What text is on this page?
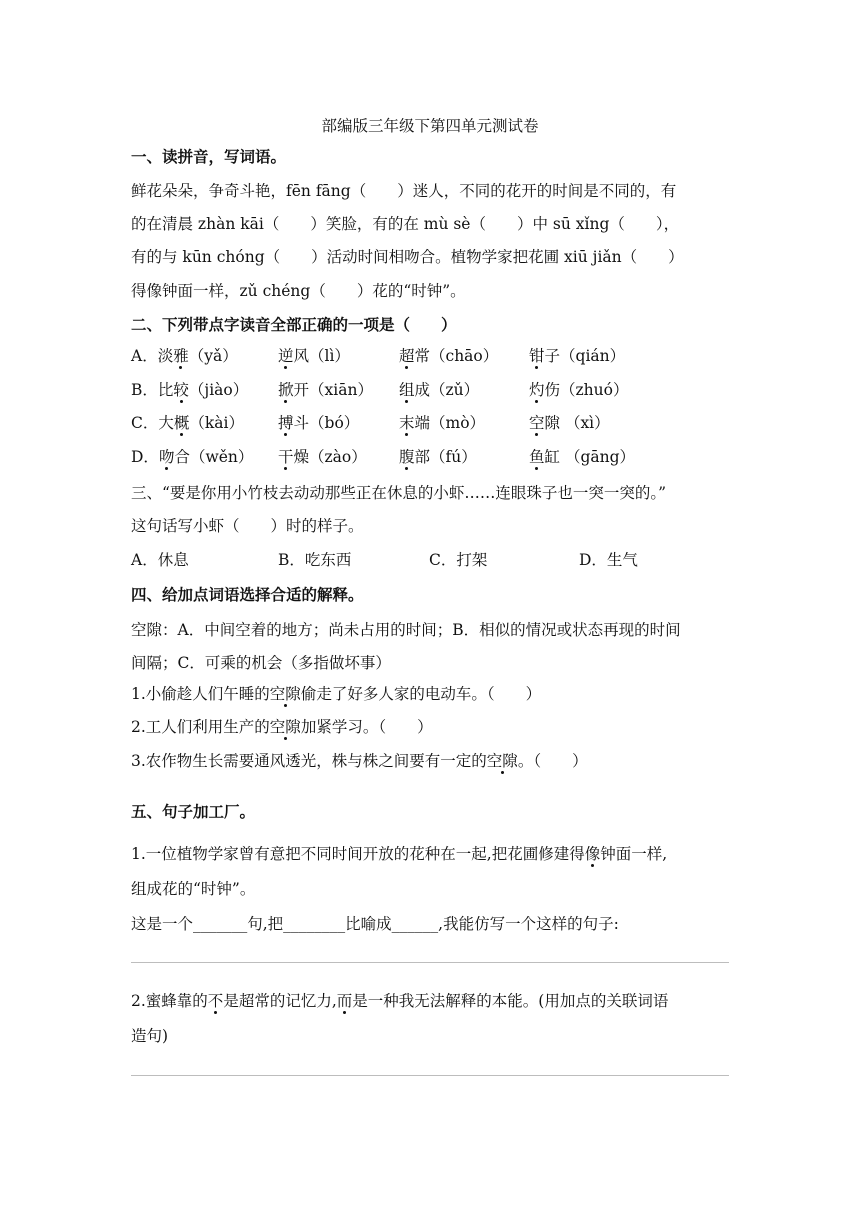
部编版三年级下第四单元测试卷
一、读拼音，写词语。
鲜花朵朵，争奇斗艳，fēn fāng（　　）迷人，不同的花开的时间是不同的，有
的在清晨 zhàn kāi（　　）笑脸，有的在 mù sè（　　）中 sū xǐng（　　），
有的与 kūn chóng（　　）活动时间相吻合。植物学家把花圃 xiū jiǎn（　　）
得像钟面一样，zǔ chéng（　　）花的“时钟”。
二、下列带点字读音全部正确的一项是（　　）
A．淡雅（yǎ）	逆风（lì）	超常（chāo） 钳子（qián）
B．比较（jiào） 掀开（xiān） 组成（zǔ）	灼伤（zhuó）
C．大概（kài） 搏斗（bó）	末端（mò）	空隙 （xì）
D．吻合（wěn） 干燥（zào） 腹部（fú）	鱼缸 （gāng）
三、“要是你用小竹枝去动动那些正在休息的小虾……连眼珠子也一突一突的。”
这句话写小虾（　　）时的样子。
A．休息	B．吃东西	C．打架	D．生气
四、给加点词语选择合适的解释。
空隙：A．中间空着的地方；尚未占用的时间；B．相似的情况或状态再现的时间
间隔；C．可乘的机会（多指做坏事）
1.小偷趁人们午睡的空隙偷走了好多人家的电动车。（　　）
2.工人们利用生产的空隙加紧学习。（　　）
3.农作物生长需要通风透光，株与株之间要有一定的空隙。（　　）
五、句子加工厂。
1.一位植物学家曾有意把不同时间开放的花种在一起,把花圃修建得像钟面一样,
组成花的“时钟”。
这是一个_______句,把________比喻成______,我能仿写一个这样的句子:
2.蜜蜂靠的不是超常的记忆力,而是一种我无法解释的本能。(用加点的关联词语
造句)
